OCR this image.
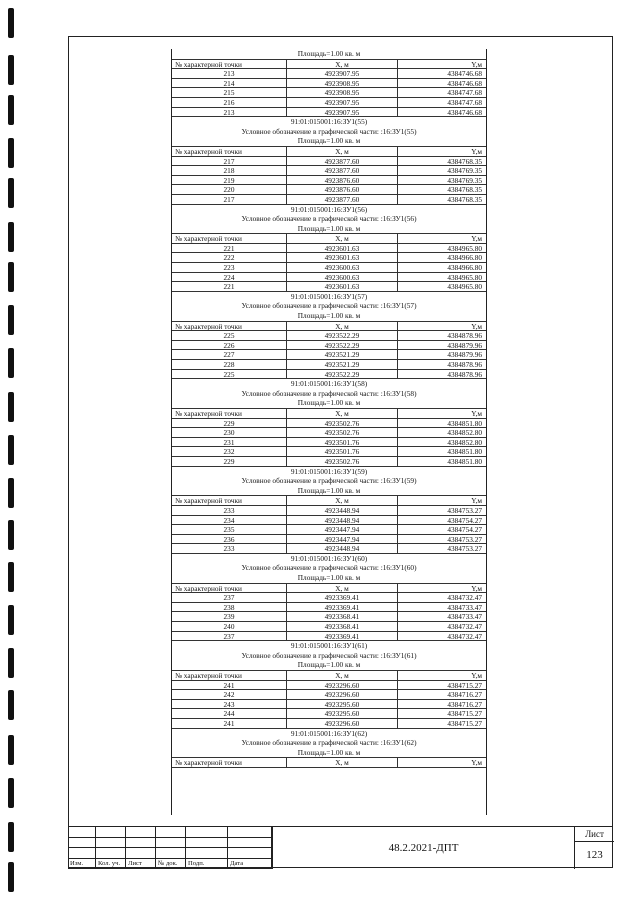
Площадь=1.00 кв. м
№ характерной точки	X, м	Y,м
213	4923907.95	4384746.68
214	4923908.95	4384746.68
215	4923908.95	4384747.68
216	4923907.95	4384747.68
213	4923907.95	4384746.68
91:01:015001:16:ЗУ1(55)
Условное обозначение в графической части: :16:ЗУ1(55)
Площадь=1.00 кв. м
№ характерной точки	X, м	Y,м
217	4923877.60	4384768.35
218	4923877.60	4384769.35
219	4923876.60	4384769.35
220	4923876.60	4384768.35
217	4923877.60	4384768.35
91:01:015001:16:ЗУ1(56)
Условное обозначение в графической части: :16:ЗУ1(56)
Площадь=1.00 кв. м
№ характерной точки	X, м	Y,м
221	4923601.63	4384965.80
222	4923601.63	4384966.80
223	4923600.63	4384966.80
224	4923600.63	4384965.80
221	4923601.63	4384965.80
91:01:015001:16:ЗУ1(57)
Условное обозначение в графической части: :16:ЗУ1(57)
Площадь=1.00 кв. м
№ характерной точки	X, м	Y,м
225	4923522.29	4384878.96
226	4923522.29	4384879.96
227	4923521.29	4384879.96
228	4923521.29	4384878.96
225	4923522.29	4384878.96
91:01:015001:16:ЗУ1(58)
Условное обозначение в графической части: :16:ЗУ1(58)
Площадь=1.00 кв. м
№ характерной точки	X, м	Y,м
229	4923502.76	4384851.80
230	4923502.76	4384852.80
231	4923501.76	4384852.80
232	4923501.76	4384851.80
229	4923502.76	4384851.80
91:01:015001:16:ЗУ1(59)
Условное обозначение в графической части: :16:ЗУ1(59)
Площадь=1.00 кв. м
№ характерной точки	X, м	Y,м
233	4923448.94	4384753.27
234	4923448.94	4384754.27
235	4923447.94	4384754.27
236	4923447.94	4384753.27
233	4923448.94	4384753.27
91:01:015001:16:ЗУ1(60)
Условное обозначение в графической части: :16:ЗУ1(60)
Площадь=1.00 кв. м
№ характерной точки	X, м	Y,м
237	4923369.41	4384732.47
238	4923369.41	4384733.47
239	4923368.41	4384733.47
240	4923368.41	4384732.47
237	4923369.41	4384732.47
91:01:015001:16:ЗУ1(61)
Условное обозначение в графической части: :16:ЗУ1(61)
Площадь=1.00 кв. м
№ характерной точки	X, м	Y,м
241	4923296.60	4384715.27
242	4923296.60	4384716.27
243	4923295.60	4384716.27
244	4923295.60	4384715.27
241	4923296.60	4384715.27
91:01:015001:16:ЗУ1(62)
Условное обозначение в графической части: :16:ЗУ1(62)
Площадь=1.00 кв. м
№ характерной точки	X, м	Y,м
Изм. Кол. уч. Лист № док. Подп.	Дата
48.2.2021-ДПТ
Лист
123
